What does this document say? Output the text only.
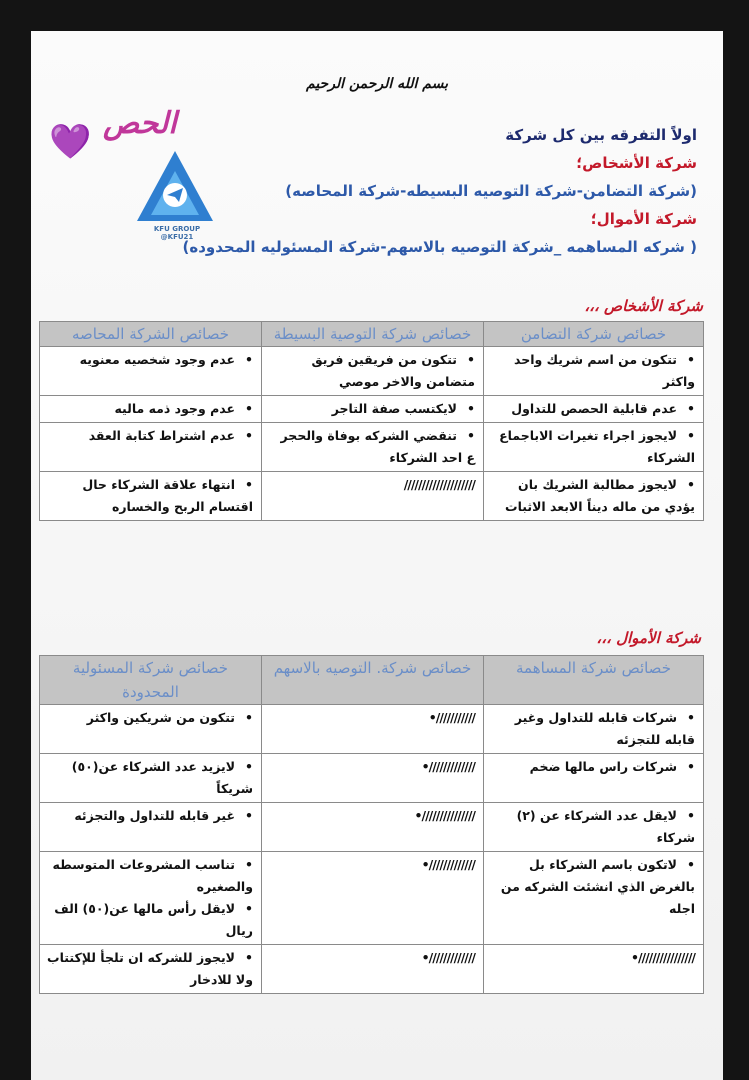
بسم الله الرحمن الرحيم
الحص
💜
KFU GROUP
@KFU21
اولاً التفرقه بين كل شركة
شركة الأشخاص؛
(شركة التضامن-شركة التوصيه البسيطه-شركة المحاصه)
شركة الأموال؛
( شركه المساهمه _شركة التوصيه بالاسهم-شركة المسئوليه المحدوده)
شركة الأشخاص ،،،
خصائص شركة التضامن	خصائص شركة التوصية البسيطة	خصائص الشركة المحاصه
• تتكون من اسم شريك واحد واكثر	• تتكون من فريقين فريق متضامن والاخر موصي	• عدم وجود شخصيه معنويه
• عدم قابلية الحصص للتداول	• لايكتسب صفة التاجر	• عدم وجود ذمه ماليه
• لايجوز اجراء تغيرات الاباجماع الشركاء	• تنقضي الشركه بوفاة والحجر ع احد الشركاء	• عدم اشتراط كتابة العقد
• لايجوز مطالبة الشريك بان يؤدي من ماله ديناً الابعد الاثبات	////////////////////	• انتهاء علاقة الشركاء حال اقتسام الربح والخساره
شركة الأموال ،،،
خصائص شركة المساهمة	خصائص شركة. التوصيه بالاسهم	خصائص شركة المسئولية المحدودة
• شركات قابله للتداول وغير قابله للتجزئه	• ///////////	• تتكون من شريكين واكثر
• شركات راس مالها ضخم	• /////////////	• لايزيد عدد الشركاء عن(٥٠) شريكاً
• لايقل عدد الشركاء عن (٢) شركاء	• ///////////////	• غير قابله للتداول والتجزئه
• لاتكون باسم الشركاء بل بالغرض الذي انشئت الشركه من اجله	• /////////////	• تناسب المشروعات المتوسطه والصغيره
• لايقل رأس مالها عن(٥٠) الف ريال

• ////////////////	• /////////////	• لايجوز للشركه ان تلجأ للإكتتاب ولا للادخار
